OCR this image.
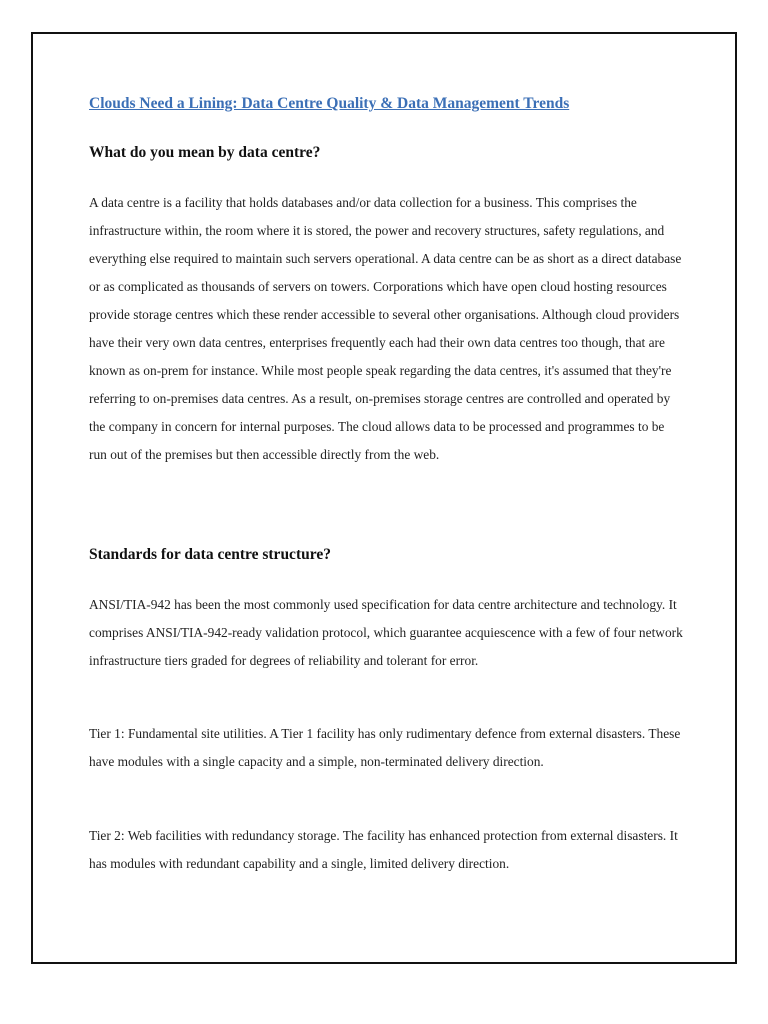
Clouds Need a Lining: Data Centre Quality & Data Management Trends

What do you mean by data centre?

A data centre is a facility that holds databases and/or data collection for a business. This comprises the infrastructure within, the room where it is stored, the power and recovery structures, safety regulations, and everything else required to maintain such servers operational. A data centre can be as short as a direct database or as complicated as thousands of servers on towers. Corporations which have open cloud hosting resources provide storage centres which these render accessible to several other organisations. Although cloud providers have their very own data centres, enterprises frequently each had their own data centres too though, that are known as on-prem for instance. While most people speak regarding the data centres, it's assumed that they're referring to on-premises data centres. As a result, on-premises storage centres are controlled and operated by the company in concern for internal purposes. The cloud allows data to be processed and programmes to be run out of the premises but then accessible directly from the web.

Standards for data centre structure?

ANSI/TIA-942 has been the most commonly used specification for data centre architecture and technology. It comprises ANSI/TIA-942-ready validation protocol, which guarantee acquiescence with a few of four network infrastructure tiers graded for degrees of reliability and tolerant for error.

Tier 1: Fundamental site utilities. A Tier 1 facility has only rudimentary defence from external disasters. These have modules with a single capacity and a simple, non-terminated delivery direction.

Tier 2: Web facilities with redundancy storage. The facility has enhanced protection from external disasters. It has modules with redundant capability and a single, limited delivery direction.
